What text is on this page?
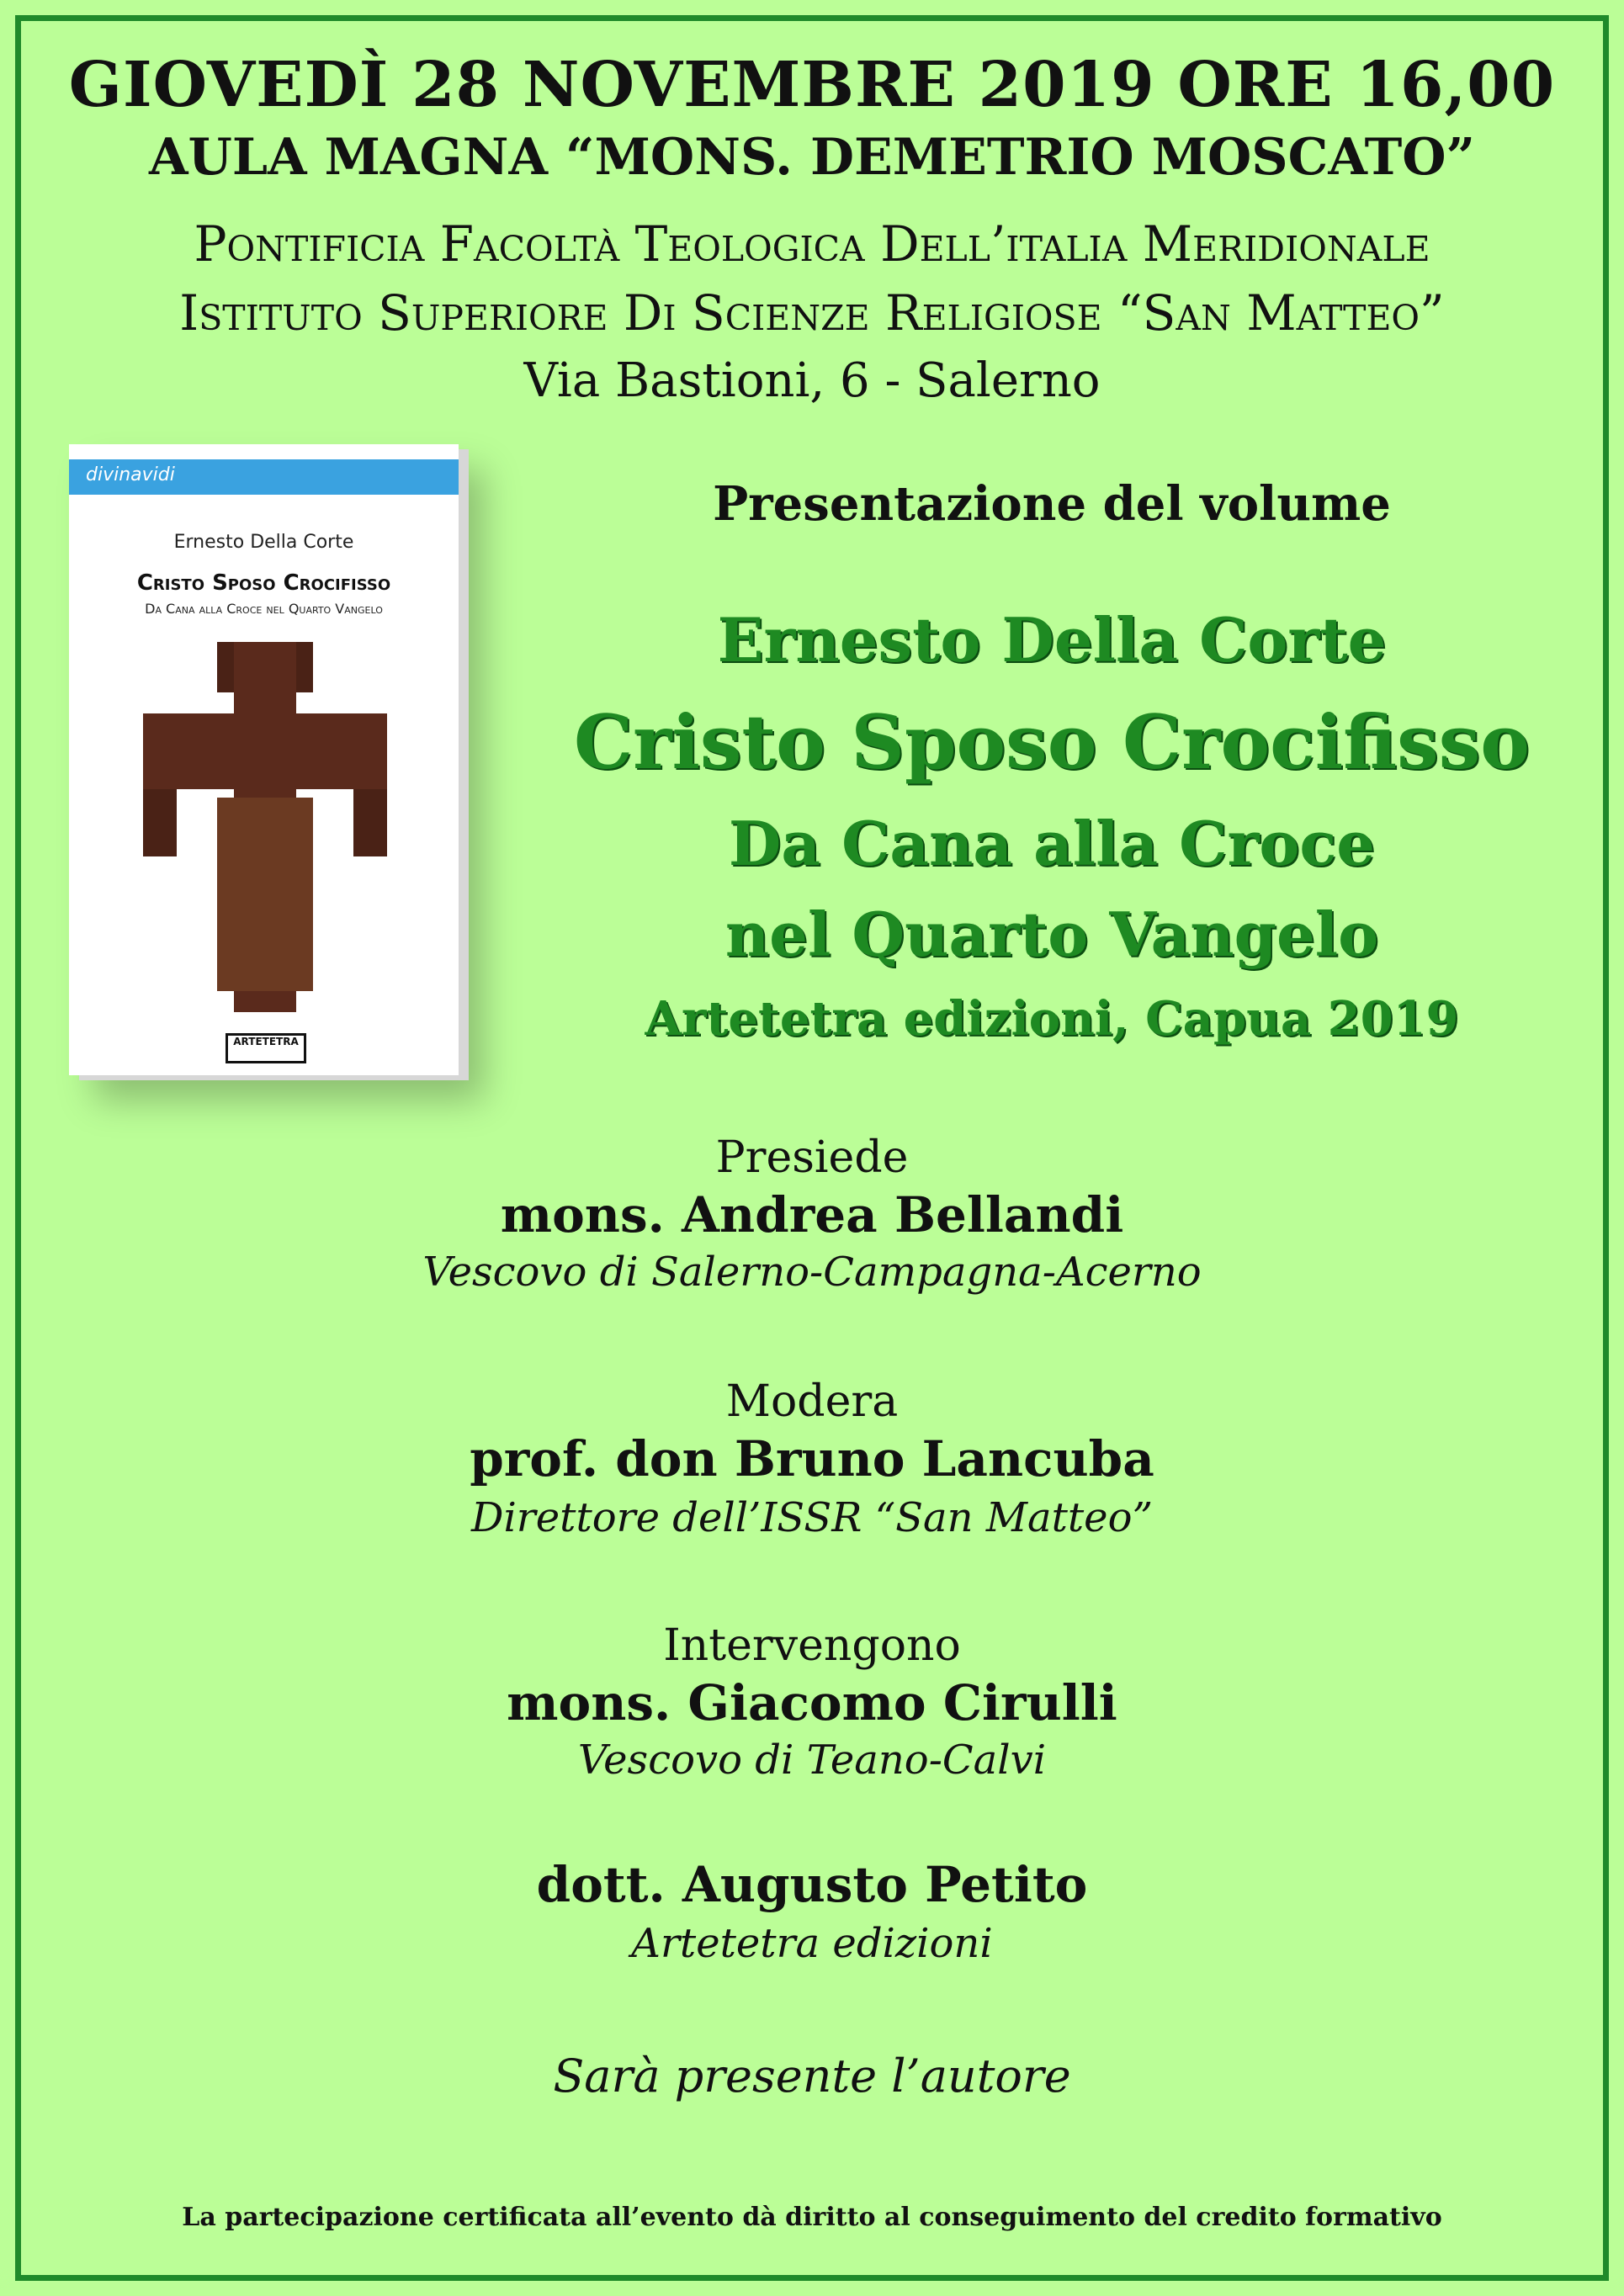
GIOVEDÌ 28 NOVEMBRE 2019 ORE 16,00
AULA MAGNA “MONS. DEMETRIO MOSCATO”
Pontificia Facoltà Teologica Dell’italia Meridionale
Istituto Superiore Di Scienze Religiose “San Matteo”
Via Bastioni, 6 - Salerno
divinavidi
Ernesto Della Corte
Cristo Sposo Crocifisso
Da Cana alla Croce nel Quarto Vangelo
ARTETETRA
Presentazione del volume
Ernesto Della Corte
Cristo Sposo Crocifisso
Da Cana alla Croce
nel Quarto Vangelo
Artetetra edizioni, Capua 2019
Presiede
mons. Andrea Bellandi
Vescovo di Salerno-Campagna-Acerno
Modera
prof. don Bruno Lancuba
Direttore dell’ISSR “San Matteo”
Intervengono
mons. Giacomo Cirulli
Vescovo di Teano-Calvi
dott. Augusto Petito
Artetetra edizioni
Sarà presente l’autore
La partecipazione certificata all’evento dà diritto al conseguimento del credito formativo
